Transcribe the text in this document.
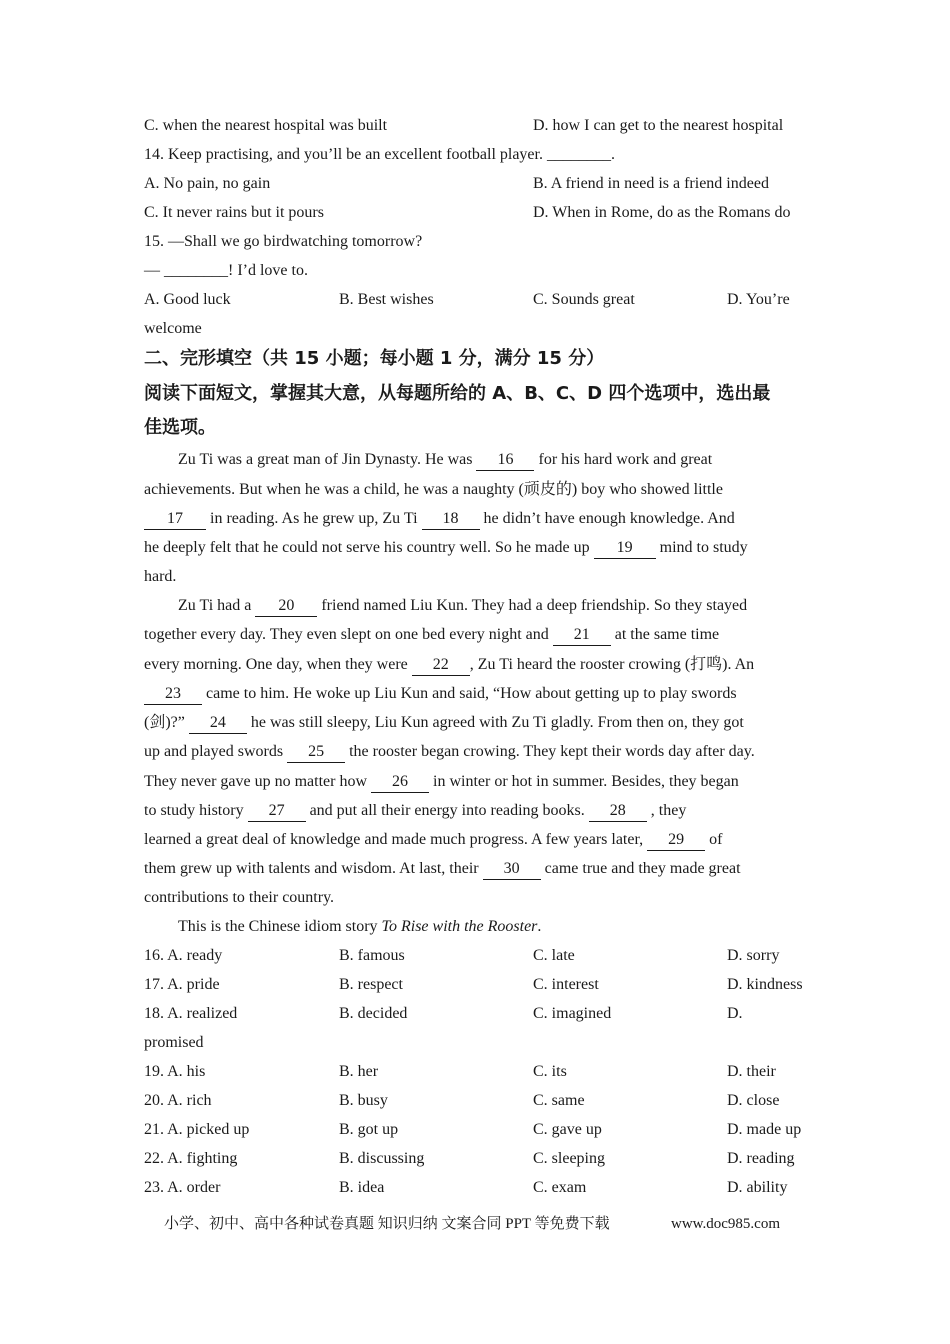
C. when the nearest hospital was built	D. how I can get to the nearest hospital
14. Keep practising, and you’ll be an excellent football player. ________.
A. No pain, no gain	B. A friend in need is a friend indeed
C. It never rains but it pours	D. When in Rome, do as the Romans do
15. —Shall we go birdwatching tomorrow?
— ________! I’d love to.
A. Good luck	B. Best wishes	C. Sounds great	D. You’re
welcome
二、完形填空（共 15 小题；每小题 1 分，满分 15 分）
阅读下面短文，掌握其大意，从每题所给的 A、B、C、D 四个选项中，选出最
佳选项。
Zu Ti was a great man of Jin Dynasty. He was 16 for his hard work and great
achievements. But when he was a child, he was a naughty (顽皮的) boy who showed little
17 in reading. As he grew up, Zu Ti 18 he didn’t have enough knowledge. And
he deeply felt that he could not serve his country well. So he made up 19 mind to study
hard.
Zu Ti had a 20 friend named Liu Kun. They had a deep friendship. So they stayed
together every day. They even slept on one bed every night and 21 at the same time
every morning. One day, when they were 22 , Zu Ti heard the rooster crowing (打鸣). An
23 came to him. He woke up Liu Kun and said, “How about getting up to play swords
(剑)?” 24 he was still sleepy, Liu Kun agreed with Zu Ti gladly. From then on, they got
up and played swords 25 the rooster began crowing. They kept their words day after day.
They never gave up no matter how 26 in winter or hot in summer. Besides, they began
to study history 27 and put all their energy into reading books. 28 , they
learned a great deal of knowledge and made much progress. A few years later, 29 of
them grew up with talents and wisdom. At last, their 30 came true and they made great
contributions to their country.
This is the Chinese idiom story To Rise with the Rooster.
16. A. ready	B. famous	C. late	D. sorry
17. A. pride	B. respect	C. interest	D. kindness
18. A. realized	B. decided	C. imagined	D.
promised
19. A. his	B. her	C. its	D. their
20. A. rich	B. busy	C. same	D. close
21. A. picked up	B. got up	C. gave up	D. made up
22. A. fighting	B. discussing	C. sleeping	D. reading
23. A. order	B. idea	C. exam	D. ability
小学、初中、高中各种试卷真题 知识归纳 文案合同 PPT 等免费下载	www.doc985.com
